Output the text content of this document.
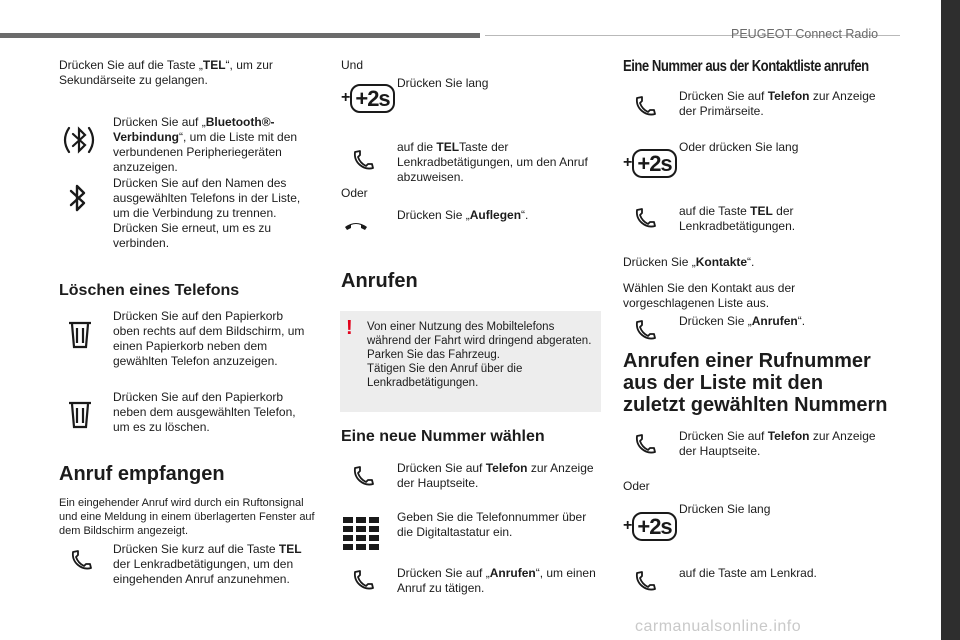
PEUGEOT Connect Radio
15
carmanualsonline.info
Drücken Sie auf die Taste „TEL“, um zur Sekundärseite zu gelangen.
Drücken Sie auf „Bluetooth®-Verbindung“, um die Liste mit den verbundenen Peripheriegeräten anzuzeigen.
Drücken Sie auf den Namen des ausgewählten Telefons in der Liste, um die Verbindung zu trennen. Drücken Sie erneut, um es zu verbinden.
Löschen eines Telefons
Drücken Sie auf den Papierkorb oben rechts auf dem Bildschirm, um einen Papierkorb neben dem gewählten Telefon anzuzeigen.
Drücken Sie auf den Papierkorb neben dem ausgewählten Telefon, um es zu löschen.
Anruf empfangen
Ein eingehender Anruf wird durch ein Ruftonsignal und eine Meldung in einem überlagerten Fenster auf dem Bildschirm angezeigt.
Drücken Sie kurz auf die Taste TEL der Lenkradbetätigungen, um den eingehenden Anruf anzunehmen.
Und
+ +2s
Drücken Sie lang
auf die TELTaste der Lenkradbetätigungen, um den Anruf abzuweisen.
Oder
Drücken Sie „Auflegen“.
Anrufen
! Von einer Nutzung des Mobiltelefons während der Fahrt wird dringend abgeraten.
Parken Sie das Fahrzeug.
Tätigen Sie den Anruf über die Lenkradbetätigungen.
Eine neue Nummer wählen
Drücken Sie auf Telefon zur Anzeige der Hauptseite.
Geben Sie die Telefonnummer über die Digitaltastatur ein.
Drücken Sie auf „Anrufen“, um einen Anruf zu tätigen.
Eine Nummer aus der Kontaktliste anrufen
Drücken Sie auf Telefon zur Anzeige der Primärseite.
+ +2s
Oder drücken Sie lang
auf die Taste TEL der Lenkradbetätigungen.
Drücken Sie „Kontakte“.
Wählen Sie den Kontakt aus der vorgeschlagenen Liste aus.
Drücken Sie „Anrufen“.
Anrufen einer Rufnummer aus der Liste mit den zuletzt gewählten Nummern
Drücken Sie auf Telefon zur Anzeige der Hauptseite.
Oder
+ +2s
Drücken Sie lang
auf die Taste am Lenkrad.
